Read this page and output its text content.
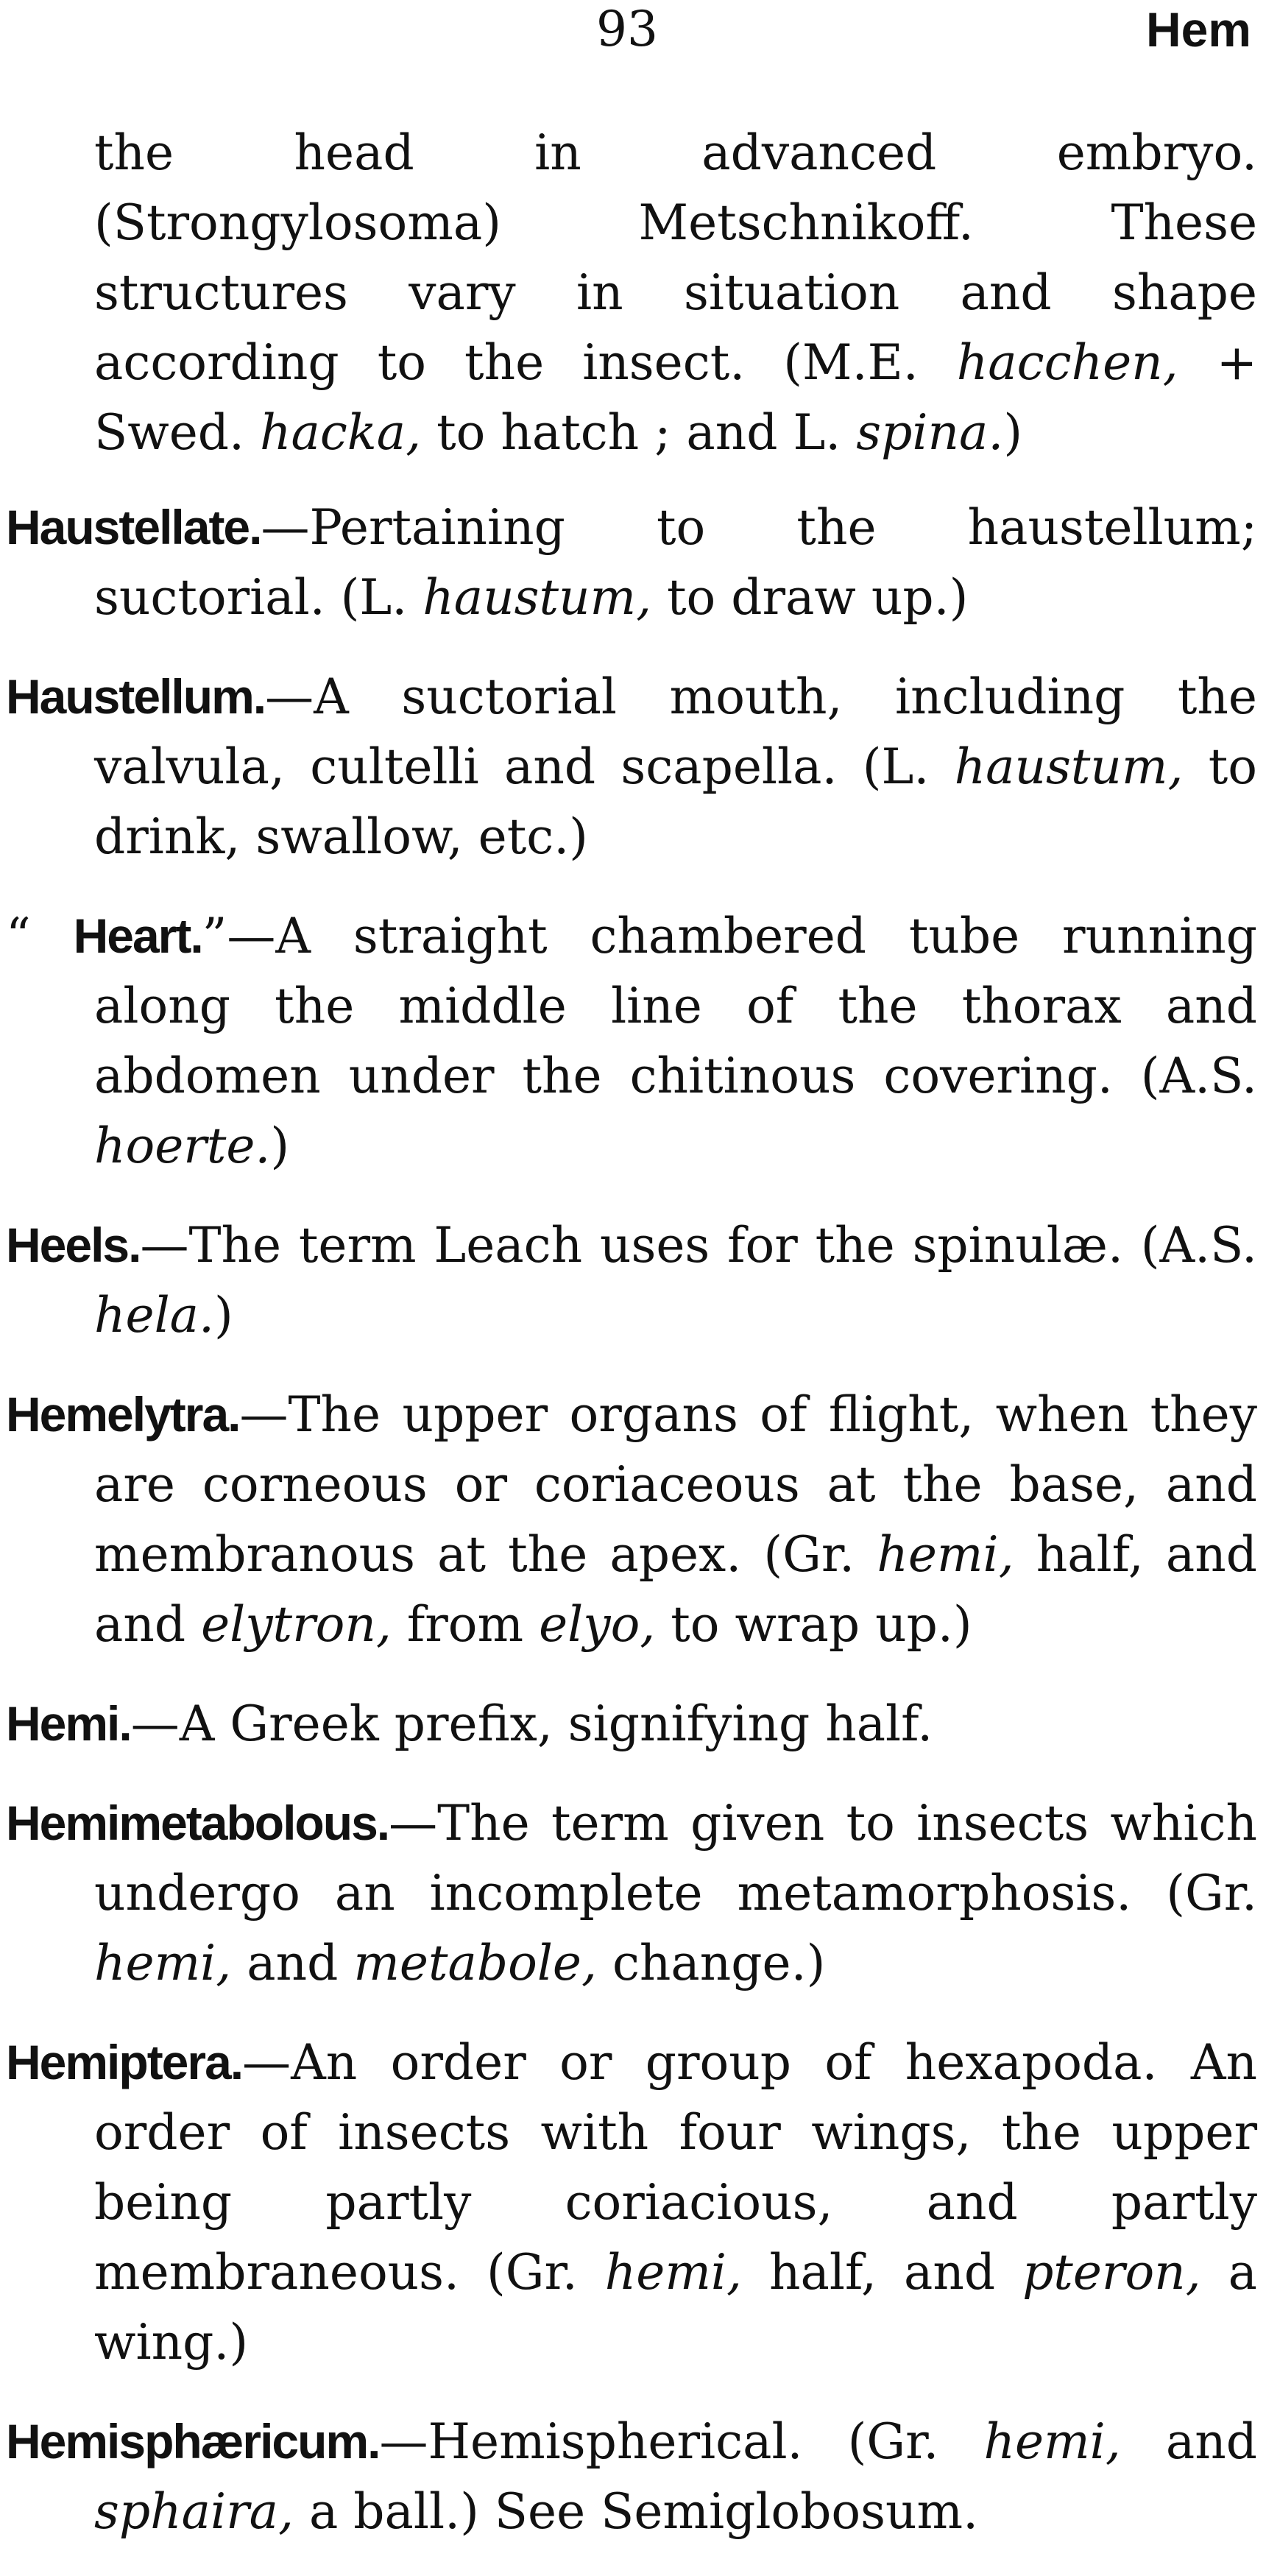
93	Hem

the head in advanced embryo. (Strongylosoma) Metschnikoff. These structures vary in situation and shape according to the insect. (M.E. hacchen, + Swed. hacka, to hatch ; and L. spina.)

Haustellate.—Pertaining to the haustellum; suctorial. (L. haustum, to draw up.)

Haustellum.—A suctorial mouth, including the valvula, cultelli and scapella. (L. haustum, to drink, swallow, etc.)

“ Heart.”—A straight chambered tube running along the middle line of the thorax and abdomen under the chitinous covering. (A.S. hoerte.)

Heels.—The term Leach uses for the spinulæ. (A.S. hela.)

Hemelytra.—The upper organs of flight, when they are corneous or coriaceous at the base, and membranous at the apex. (Gr. hemi, half, and and elytron, from elyo, to wrap up.)

Hemi.—A Greek prefix, signifying half.

Hemimetabolous.—The term given to insects which undergo an incomplete metamorphosis. (Gr. hemi, and metabole, change.)

Hemiptera.—An order or group of hexapoda. An order of insects with four wings, the upper being partly coriacious, and partly membraneous. (Gr. hemi, half, and pteron, a wing.)

Hemisphæricum.—Hemispherical. (Gr. hemi, and sphaira, a ball.) See Semiglobosum.
